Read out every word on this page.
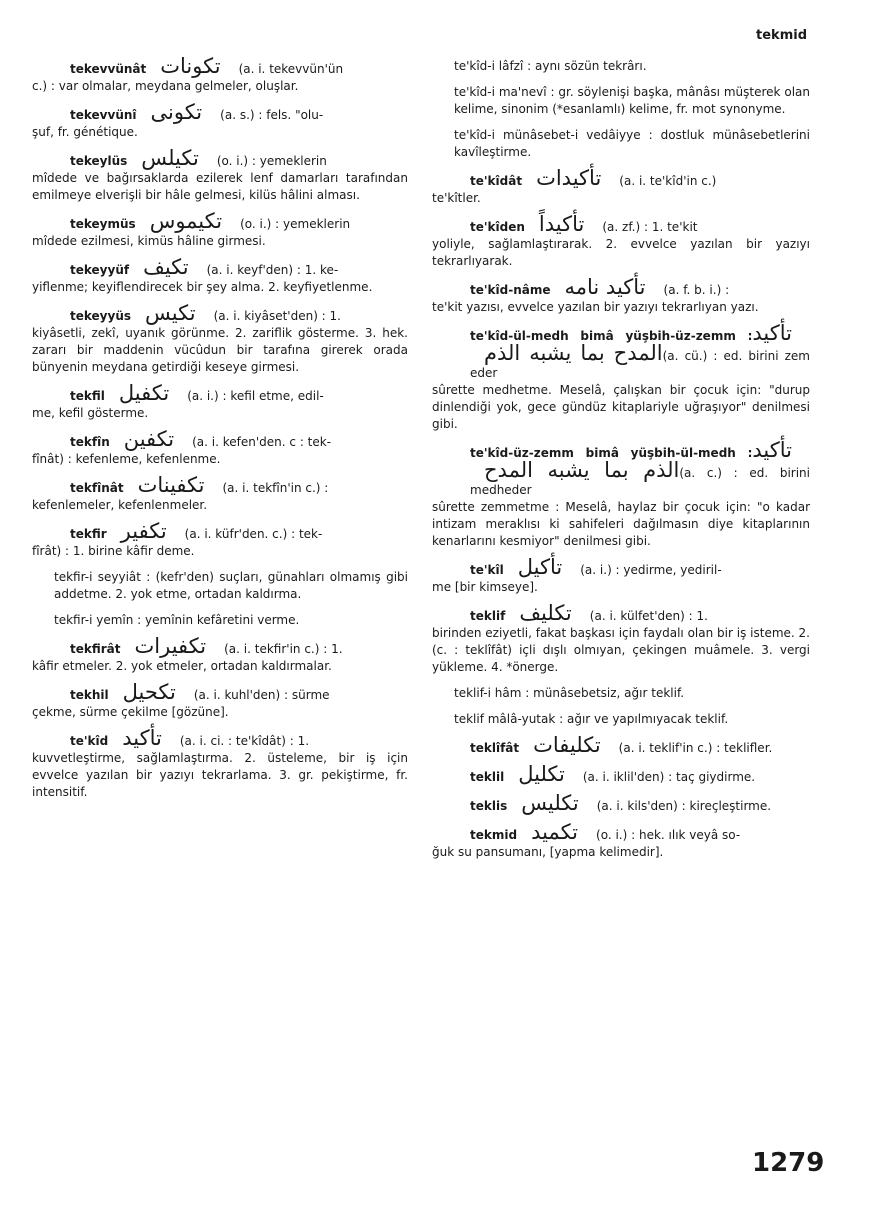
tekmid
tekevvünât تكونات (a. i. tekevvün'ün
c.) : var olmalar, meydana gelmeler, oluşlar.
tekevvünî تكونى (a. s.) : fels. "olu-
şuf, fr. génétique.
tekeylüs تكيلس (o. i.) : yemeklerin
mîdede ve bağırsaklarda ezilerek lenf damarları tarafından emilmeye elverişli bir hâle gelmesi, kilüs hâlini alması.
tekeymüs تكيموس (o. i.) : yemeklerin
mîdede ezilmesi, kimüs hâline girmesi.
tekeyyüf تكيف (a. i. keyf'den) : 1. ke-
yiflenme; keyiflendirecek bir şey alma. 2. keyfiyetlenme.
tekeyyüs تكيس (a. i. kiyâset'den) : 1.
kiyâsetli, zekî, uyanık görünme. 2. zariflik gösterme. 3. hek. zararı bir maddenin vücûdun bir tarafına girerek orada bünyenin meydana getirdiği keseye girmesi.
tekfil تكفيل (a. i.) : kefil etme, edil-
me, kefil gösterme.
tekfîn تكفين (a. i. kefen'den. c : tek-
fînât) : kefenleme, kefenlenme.
tekfînât تكفينات (a. i. tekfîn'in c.) :
kefenlemeler, kefenlenmeler.
tekfir تكفير (a. i. küfr'den. c.) : tek-
fîrât) : 1. birine kâfir deme.
tekfir-i seyyiât : (kefr'den) suçları, günahları olmamış gibi addetme. 2. yok etme, ortadan kaldırma.
tekfir-i yemîn : yemînin kefâretini verme.
tekfirât تكفيرات (a. i. tekfir'in c.) : 1.
kâfir etmeler. 2. yok etmeler, ortadan kaldırmalar.
tekhil تكحيل (a. i. kuhl'den) : sürme
çekme, sürme çekilme [gözüne].
te'kîd تأكيد (a. i. ci. : te'kîdât) : 1.
kuvvetleştirme, sağlamlaştırma. 2. üsteleme, bir iş için evvelce yazılan bir yazıyı tekrarlama. 3. gr. pekiştirme, fr. intensitif.
te'kîd-i lâfzî : aynı sözün tekrârı.
te'kîd-i ma'nevî : gr. söylenişi başka, mânâsı müşterek olan kelime, sinonim (*esanlamlı) kelime, fr. mot synonyme.
te'kîd-i münâsebet-i vedâiyye : dostluk münâsebetlerini kavîleştirme.
te'kîdât تأكيدات (a. i. te'kîd'in c.)
te'kîtler.
te'kîden تأكيداً (a. zf.) : 1. te'kit
yoliyle, sağlamlaştırarak. 2. evvelce yazılan bir yazıyı tekrarlıyarak.
te'kîd-nâme تأكيد نامه (a. f. b. i.) :
te'kit yazısı, evvelce yazılan bir yazıyı tekrarlıyan yazı.
te'kîd-ül-medh bimâ yüşbih-üz-zemm :تأكيد المدح بما يشبه الذم(a. cü.) : ed. birini zem eder
sûrette medhetme. Meselâ, çalışkan bir çocuk için: "durup dinlendiği yok, gece gündüz kitaplariyle uğraşıyor" denilmesi gibi.
te'kîd-üz-zemm bimâ yüşbih-ül-medh :تأكيد الذم بما يشبه المدح(a. c.) : ed. birini medheder
sûrette zemmetme : Meselâ, haylaz bir çocuk için: "o kadar intizam meraklısı ki sahifeleri dağılmasın diye kitaplarının kenarlarını kesmiyor" denilmesi gibi.
te'kîl تأكيل (a. i.) : yedirme, yediril-
me [bir kimseye].
teklif تكليف (a. i. külfet'den) : 1.
birinden eziyetli, fakat başkası için faydalı olan bir iş isteme. 2. (c. : teklîfât) içli dışlı olmıyan, çekingen muâmele. 3. vergi yükleme. 4. *önerge.
teklif-i hâm : münâsebetsiz, ağır teklif.
teklif mâlâ-yutak : ağır ve yapılmıyacak teklif.
teklîfât تكليفات (a. i. teklif'in c.) : teklifler.
teklil تكليل (a. i. iklil'den) : taç giydirme.
teklis تكليس (a. i. kils'den) : kireçleştirme.
tekmid تكميد (o. i.) : hek. ılık veyâ so-
ğuk su pansumanı, [yapma kelimedir].
1279
